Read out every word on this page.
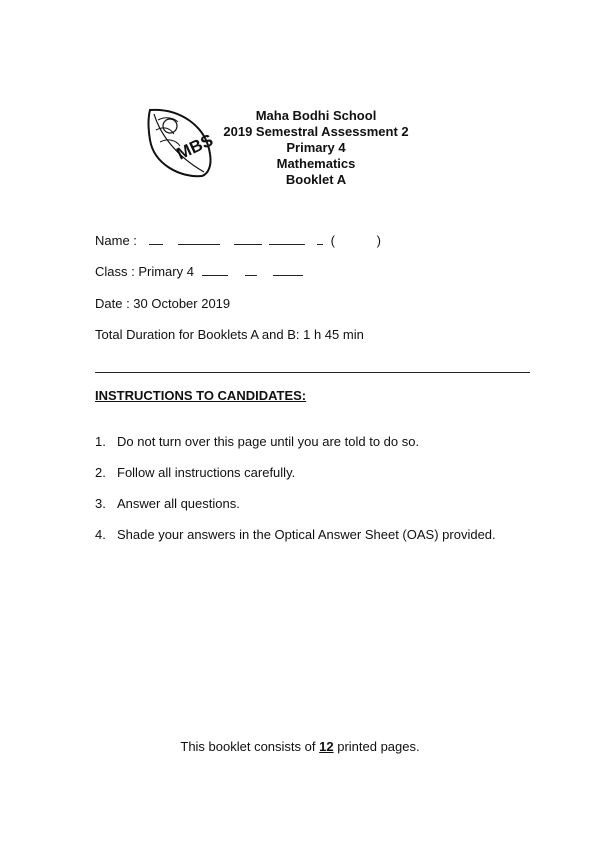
MBS
Maha Bodhi School
2019 Semestral Assessment 2
Primary 4
Mathematics
Booklet A
Name :	(	)
Class : Primary 4
Date : 30 October 2019
Total Duration for Booklets A and B: 1 h 45 min
INSTRUCTIONS TO CANDIDATES:
1. Do not turn over this page until you are told to do so.
2. Follow all instructions carefully.
3. Answer all questions.
4. Shade your answers in the Optical Answer Sheet (OAS) provided.
This booklet consists of 12 printed pages.
